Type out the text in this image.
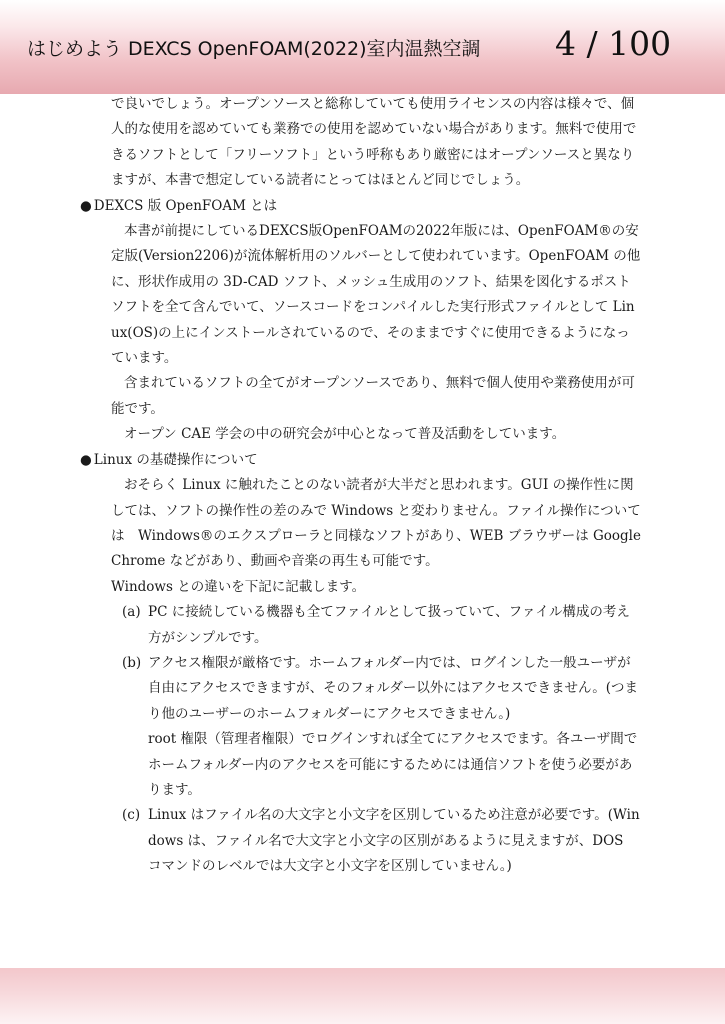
はじめよう DEXCS OpenFOAM(2022)室内温熱空調 4 / 100

で良いでしょう。オープンソースと総称していても使用ライセンスの内容は様々で、個人的な使用を認めていても業務での使用を認めていない場合があります。無料で使用できるソフトとして「フリーソフト」という呼称もあり厳密にはオープンソースと異なりますが、本書で想定している読者にとってはほとんど同じでしょう。

● DEXCS 版 OpenFOAM とは

本書が前提にしているDEXCS版OpenFOAMの2022年版には、OpenFOAM®の安定版(Version2206)が流体解析用のソルバーとして使われています。OpenFOAM の他に、形状作成用の 3D-CAD ソフト、メッシュ生成用のソフト、結果を図化するポストソフトを全て含んでいて、ソースコードをコンパイルした実行形式ファイルとして Linux(OS)の上にインストールされているので、そのままですぐに使用できるようになっています。

含まれているソフトの全てがオープンソースであり、無料で個人使用や業務使用が可能です。

オープン CAE 学会の中の研究会が中心となって普及活動をしています。

● Linux の基礎操作について

おそらく Linux に触れたことのない読者が大半だと思われます。GUI の操作性に関しては、ソフトの操作性の差のみで Windows と変わりません。ファイル操作については　Windows®のエクスプローラと同様なソフトがあり、WEB ブラウザーは GoogleChrome などがあり、動画や音楽の再生も可能です。

Windows との違いを下記に記載します。

(a) PC に接続している機器も全てファイルとして扱っていて、ファイル構成の考え方がシンプルです。
(b) アクセス権限が厳格です。ホームフォルダー内では、ログインした一般ユーザが自由にアクセスできますが、そのフォルダー以外にはアクセスできません。(つまり他のユーザーのホームフォルダーにアクセスできません。)
root 権限（管理者権限）でログインすれば全てにアクセスでます。各ユーザ間でホームフォルダー内のアクセスを可能にするためには通信ソフトを使う必要があります。
(c) Linux はファイル名の大文字と小文字を区別しているため注意が必要です。(Windows は、ファイル名で大文字と小文字の区別があるように見えますが、DOS コマンドのレベルでは大文字と小文字を区別していません。)
